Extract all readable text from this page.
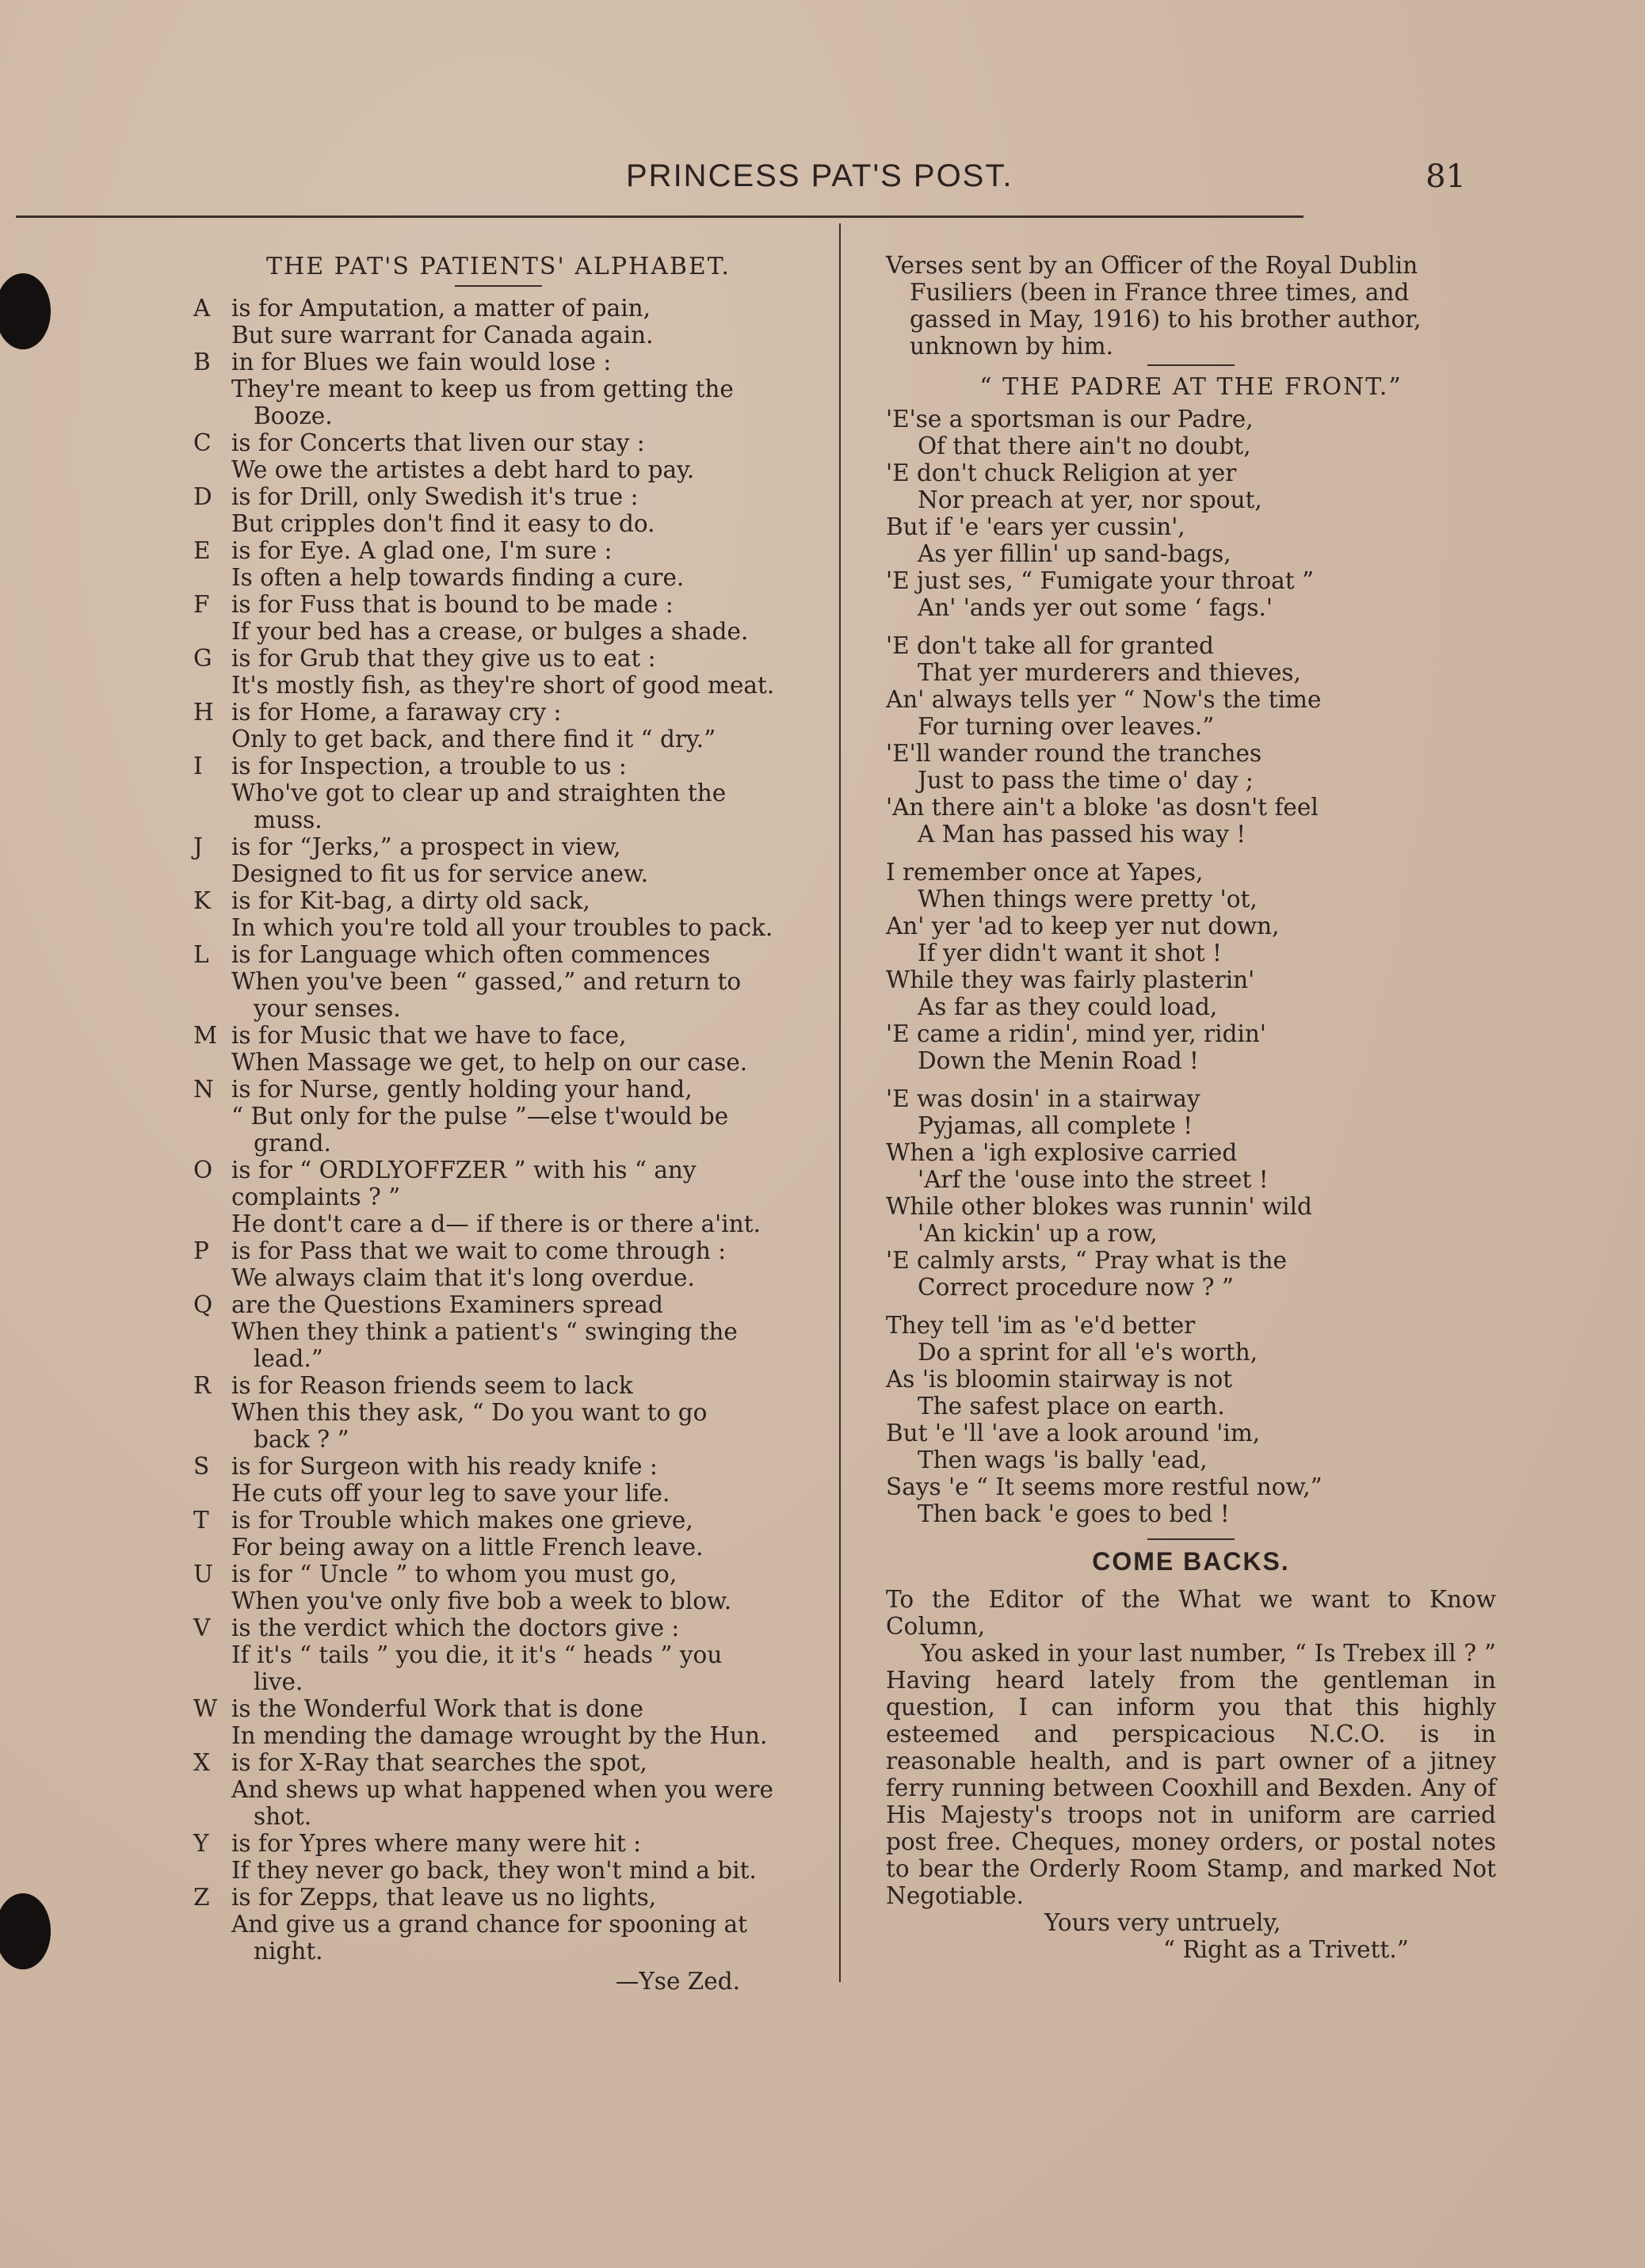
PRINCESS PAT'S POST.	81
THE PAT'S PATIENTS' ALPHABET.
A is for Amputation, a matter of pain,
But sure warrant for Canada again.
B in for Blues we fain would lose :
They're meant to keep us from getting the
Booze.
C is for Concerts that liven our stay :
We owe the artistes a debt hard to pay.
D is for Drill, only Swedish it's true :
But cripples don't find it easy to do.
E is for Eye. A glad one, I'm sure :
Is often a help towards finding a cure.
F is for Fuss that is bound to be made :
If your bed has a crease, or bulges a shade.
G is for Grub that they give us to eat :
It's mostly fish, as they're short of good meat.
H is for Home, a faraway cry :
Only to get back, and there find it “ dry.”
I	is for Inspection, a trouble to us :
Who've got to clear up and straighten the
muss.
J	is for “Jerks,” a prospect in view,
Designed to fit us for service anew.
K is for Kit-bag, a dirty old sack,
In which you're told all your troubles to pack.
L is for Language which often commences
When you've been “ gassed,” and return to
your senses.
M is for Music that we have to face,
When Massage we get, to help on our case.
N is for Nurse, gently holding your hand,
“ But only for the pulse ”—else t'would be
grand.
O is for “ ORDLYOFFZER ” with his “ any
complaints ? ”
He dont't care a d— if there is or there a'int.
P is for Pass that we wait to come through :
We always claim that it's long overdue.
Q are the Questions Examiners spread
When they think a patient's “ swinging the
lead.”
R is for Reason friends seem to lack
When this they ask, “ Do you want to go
back ? ”
S is for Surgeon with his ready knife :
He cuts off your leg to save your life.
T is for Trouble which makes one grieve,
For being away on a little French leave.
U is for “ Uncle ” to whom you must go,
When you've only five bob a week to blow.
V is the verdict which the doctors give :
If it's “ tails ” you die, it it's “ heads ” you
live.
W is the Wonderful Work that is done
In mending the damage wrought by the Hun.
X is for X-Ray that searches the spot,
And shews up what happened when you were
shot.
Y is for Ypres where many were hit :
If they never go back, they won't mind a bit.
Z is for Zepps, that leave us no lights,
And give us a grand chance for spooning at
night.
—Yse Zed.
Verses sent by an Officer of the Royal Dublin
Fusiliers (been in France three times, and
gassed in May, 1916) to his brother author,
unknown by him.
“ THE PADRE AT THE FRONT.”
'E'se a sportsman is our Padre,
Of that there ain't no doubt,
'E don't chuck Religion at yer
Nor preach at yer, nor spout,
But if 'e 'ears yer cussin',
As yer fillin' up sand-bags,
'E just ses, “ Fumigate your throat ”
An' 'ands yer out some ‘ fags.'
'E don't take all for granted
That yer murderers and thieves,
An' always tells yer “ Now's the time
For turning over leaves.”
'E'll wander round the tranches
Just to pass the time o' day ;
'An there ain't a bloke 'as dosn't feel
A Man has passed his way !
I remember once at Yapes,
When things were pretty 'ot,
An' yer 'ad to keep yer nut down,
If yer didn't want it shot !
While they was fairly plasterin'
As far as they could load,
'E came a ridin', mind yer, ridin'
Down the Menin Road !
'E was dosin' in a stairway
Pyjamas, all complete !
When a 'igh explosive carried
'Arf the 'ouse into the street !
While other blokes was runnin' wild
'An kickin' up a row,
'E calmly arsts, “ Pray what is the
Correct procedure now ? ”
They tell 'im as 'e'd better
Do a sprint for all 'e's worth,
As 'is bloomin stairway is not
The safest place on earth.
But 'e 'll 'ave a look around 'im,
Then wags 'is bally 'ead,
Says 'e “ It seems more restful now,”
Then back 'e goes to bed !
COME BACKS.
To the Editor of the What we want to Know Column,
You asked in your last number, “ Is Trebex ill ? ” Having heard lately from the gentleman in question, I can inform you that this highly esteemed and perspicacious N.C.O. is in reasonable health, and is part owner of a jitney ferry running between Cooxhill and Bexden. Any of His Majesty's troops not in uniform are carried post free. Cheques, money orders, or postal notes to bear the Orderly Room Stamp, and marked Not Negotiable.
Yours very untruely,
“ Right as a Trivett.”
